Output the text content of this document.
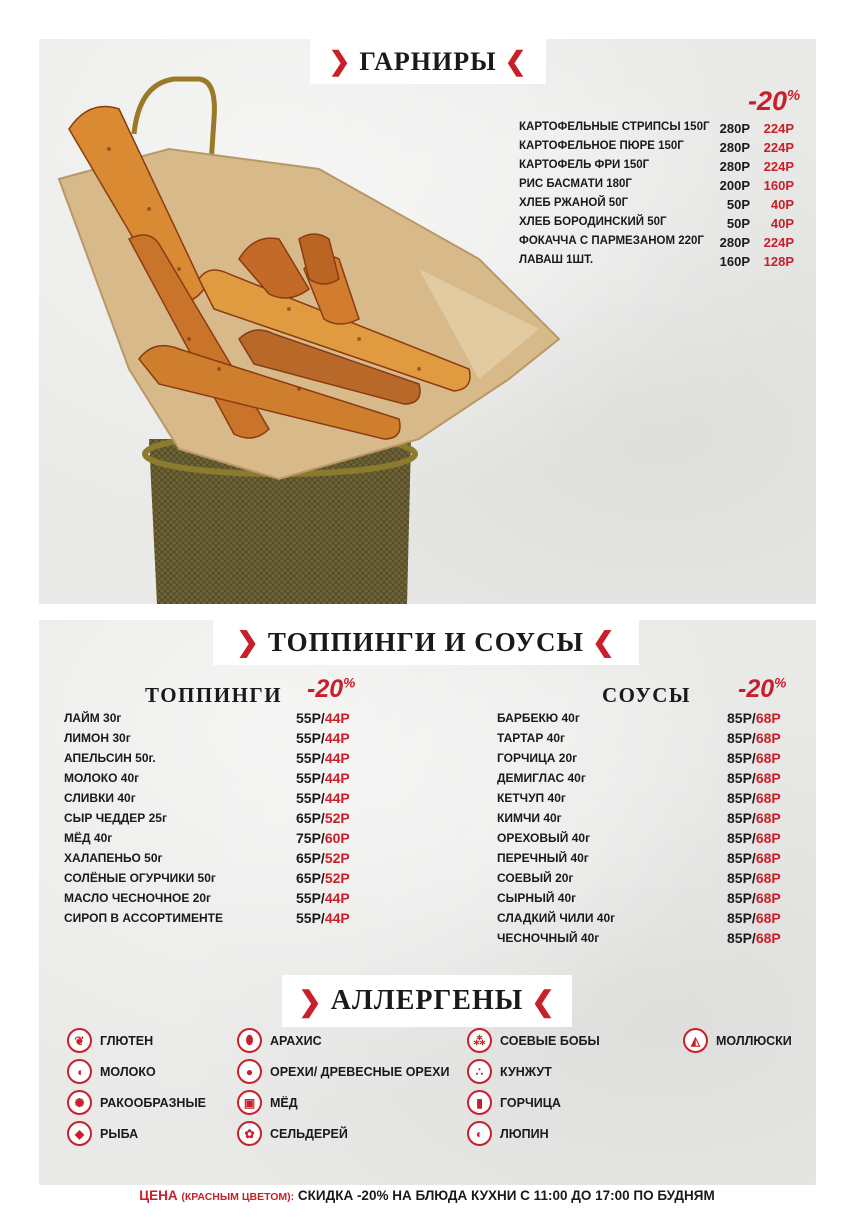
❯ ГАРНИРЫ ❮
-20%
КАРТОФЕЛЬНЫЕ СТРИПСЫ 150Г 280Р 224Р
КАРТОФЕЛЬНОЕ ПЮРЕ 150Г	280Р 224Р
КАРТОФЕЛЬ ФРИ 150Г	280Р 224Р
РИС БАСМАТИ 180Г	200Р 160Р
ХЛЕБ РЖАНОЙ 50Г	50Р 40Р
ХЛЕБ БОРОДИНСКИЙ 50Г	50Р 40Р
ФОКАЧЧА С ПАРМЕЗАНОМ 220Г 280Р 224Р
ЛАВАШ 1ШТ.	160Р 128Р
❯ ТОППИНГИ И СОУСЫ ❮
ТОППИНГИ -20%	СОУСЫ -20%
ЛАЙМ 30г	55Р/44Р
ЛИМОН 30г	55Р/44Р
АПЕЛЬСИН 50г.	55Р/44Р
МОЛОКО 40г	55Р/44Р
СЛИВКИ 40г	55Р/44Р
СЫР ЧЕДДЕР 25г	65Р/52Р
МЁД 40г	75Р/60Р
ХАЛАПЕНЬО 50г	65Р/52Р
СОЛЁНЫЕ ОГУРЧИКИ 50г	65Р/52Р
МАСЛО ЧЕСНОЧНОЕ 20г	55Р/44Р
СИРОП В АССОРТИМЕНТЕ	55Р/44Р
БАРБЕКЮ 40г	85Р/68Р
ТАРТАР 40г	85Р/68Р
ГОРЧИЦА 20г	85Р/68Р
ДЕМИГЛАС 40г	85Р/68Р
КЕТЧУП 40г	85Р/68Р
КИМЧИ 40г	85Р/68Р
ОРЕХОВЫЙ 40г	85Р/68Р
ПЕРЕЧНЫЙ 40г	85Р/68Р
СОЕВЫЙ 20г	85Р/68Р
СЫРНЫЙ 40г	85Р/68Р
СЛАДКИЙ ЧИЛИ 40г	85Р/68Р
ЧЕСНОЧНЫЙ 40г	85Р/68Р
❯ АЛЛЕРГЕНЫ ❮
❦	ГЛЮТЕН
◖	МОЛОКО
✺	РАКООБРАЗНЫЕ
◆	РЫБА
⬮	АРАХИС
●	ОРЕХИ/ ДРЕВЕСНЫЕ ОРЕХИ
▣	МЁД
✿	СЕЛЬДЕРЕЙ
⁂	СОЕВЫЕ БОБЫ
∴	КУНЖУТ
▮	ГОРЧИЦА
◐	ЛЮПИН
◭	МОЛЛЮСКИ
ЦЕНА (КРАСНЫМ ЦВЕТОМ): СКИДКА -20% НА БЛЮДА КУХНИ С 11:00 ДО 17:00 ПО БУДНЯМ
